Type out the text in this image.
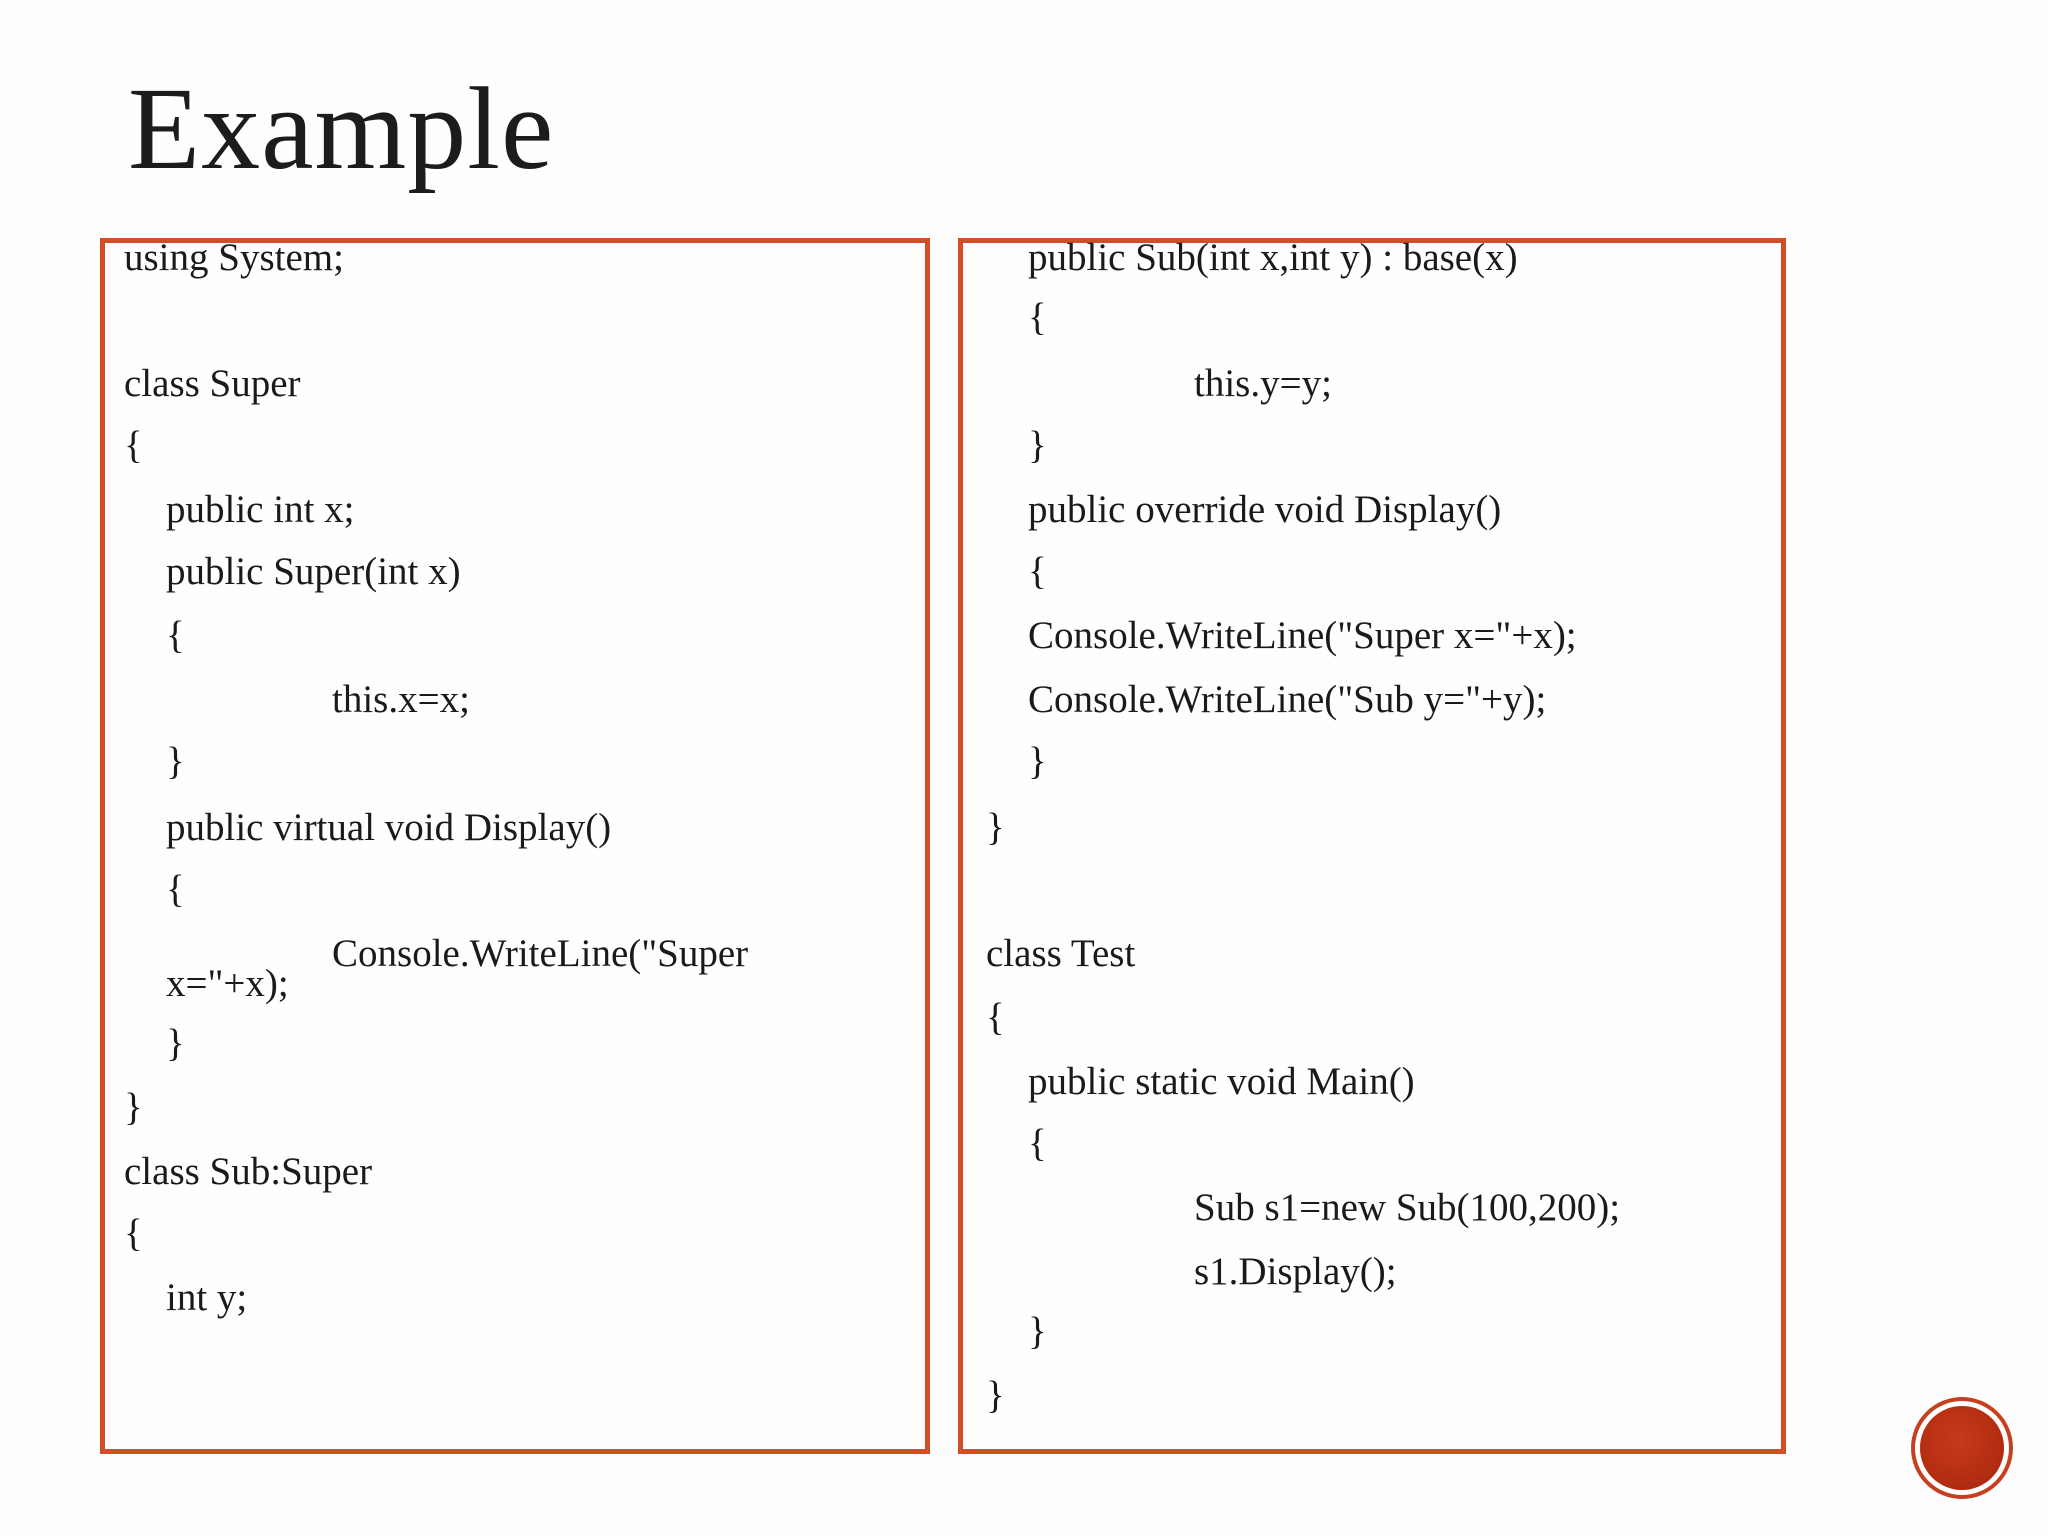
Example
using System;
class Super
{
public int x;
public Super(int x)
{
this.x=x;
}
public virtual void Display()
{
Console.WriteLine("Super
x="+x);
}
}
class Sub:Super
{
int y;
public Sub(int x,int y) : base(x)
{
this.y=y;
}
public override void Display()
{
Console.WriteLine("Super x="+x);
Console.WriteLine("Sub y="+y);
}
}
class Test
{
public static void Main()
{
Sub s1=new Sub(100,200);
s1.Display();
}
}
